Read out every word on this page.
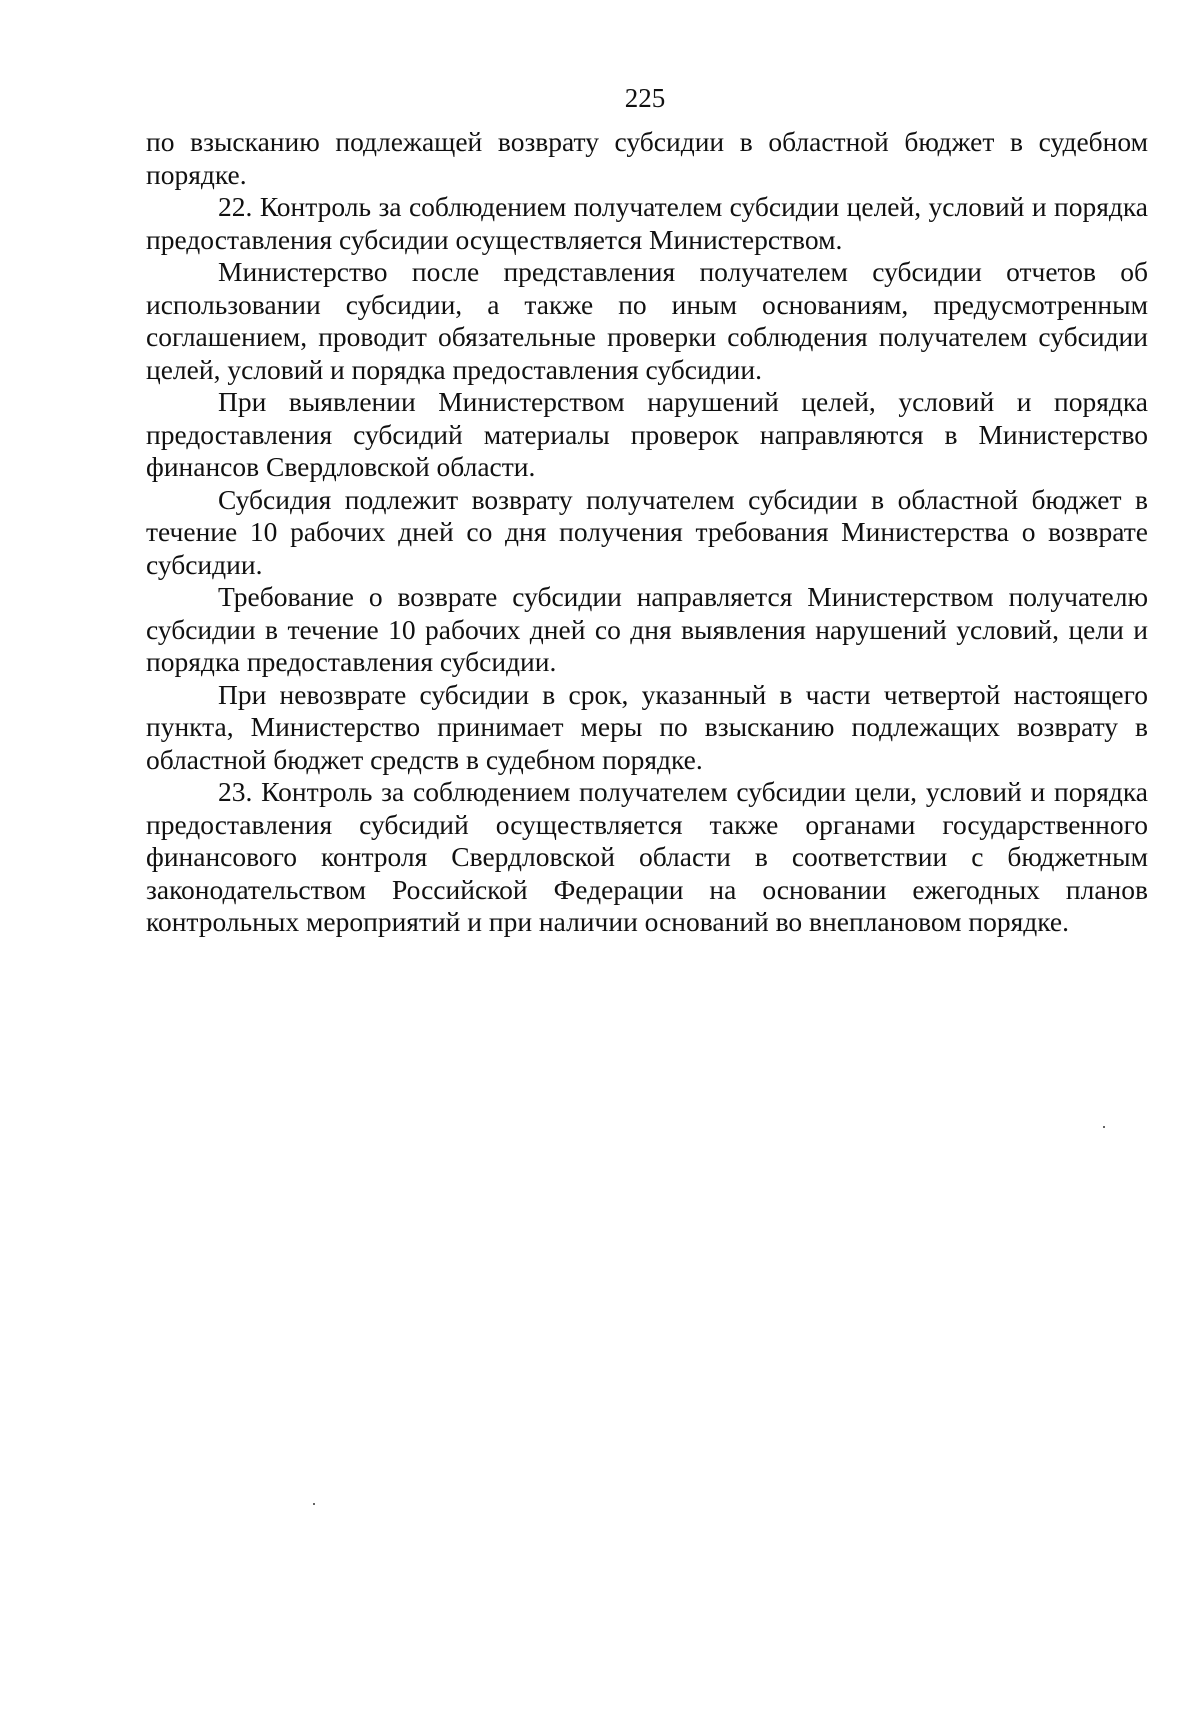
225

по взысканию подлежащей возврату субсидии в областной бюджет в судебном порядке.

22. Контроль за соблюдением получателем субсидии целей, условий и порядка предоставления субсидии осуществляется Министерством.

Министерство после представления получателем субсидии отчетов об использовании субсидии, а также по иным основаниям, предусмотренным соглашением, проводит обязательные проверки соблюдения получателем субсидии целей, условий и порядка предоставления субсидии.

При выявлении Министерством нарушений целей, условий и порядка предоставления субсидий материалы проверок направляются в Министерство финансов Свердловской области.

Субсидия подлежит возврату получателем субсидии в областной бюджет в течение 10 рабочих дней со дня получения требования Министерства о возврате субсидии.

Требование о возврате субсидии направляется Министерством получателю субсидии в течение 10 рабочих дней со дня выявления нарушений условий, цели и порядка предоставления субсидии.

При невозврате субсидии в срок, указанный в части четвертой настоящего пункта, Министерство принимает меры по взысканию подлежащих возврату в областной бюджет средств в судебном порядке.

23. Контроль за соблюдением получателем субсидии цели, условий и порядка предоставления субсидий осуществляется также органами государственного финансового контроля Свердловской области в соответствии с бюджетным законодательством Российской Федерации на основании ежегодных планов контрольных мероприятий и при наличии оснований во внеплановом порядке.
